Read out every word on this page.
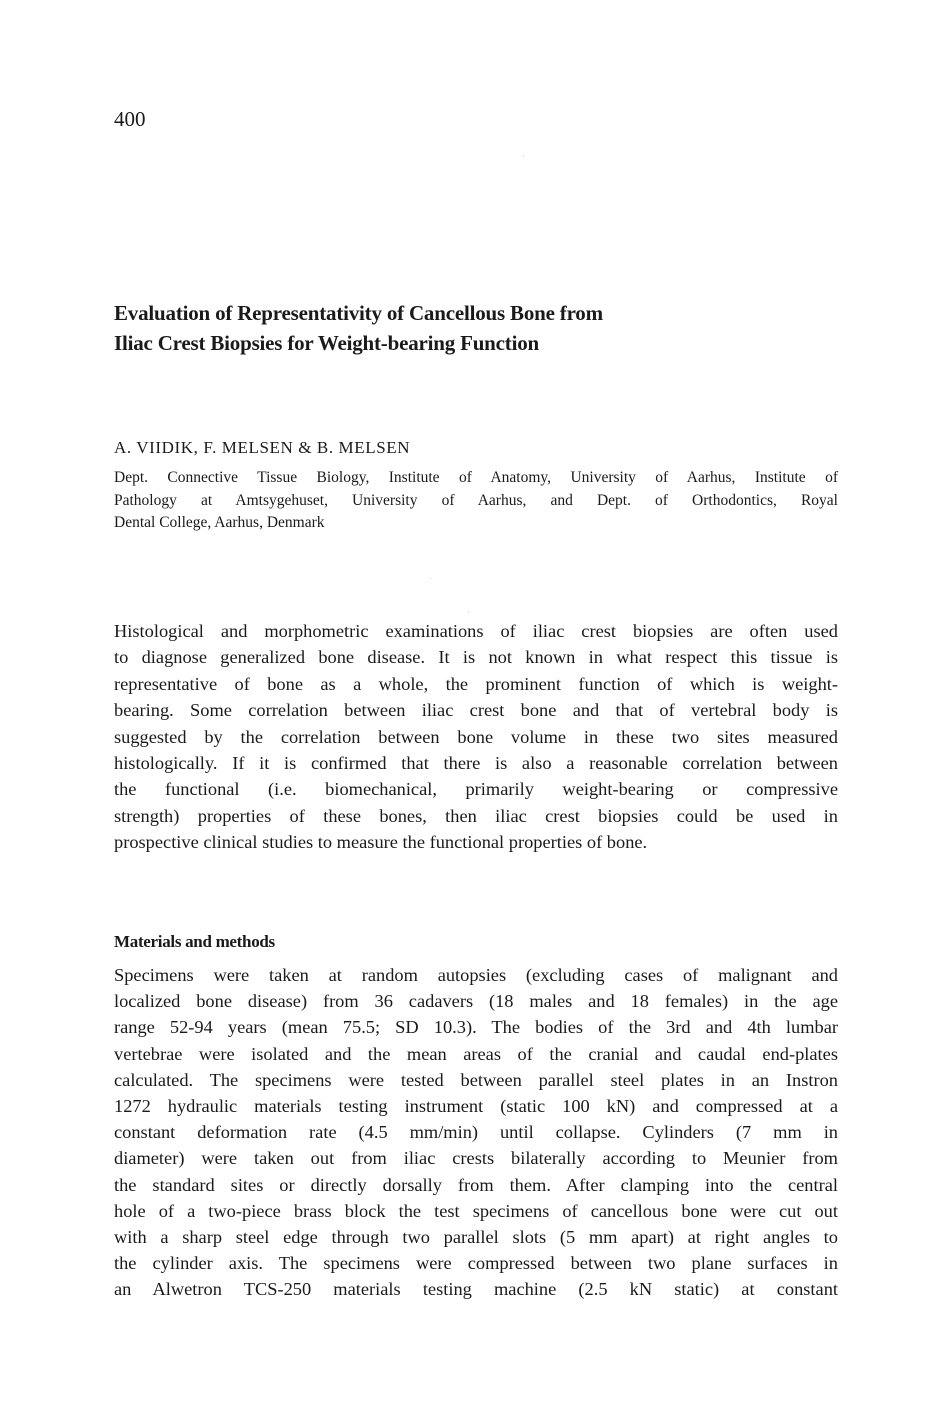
400
Evaluation of Representativity of Cancellous Bone from
Iliac Crest Biopsies for Weight-bearing Function
A. VIIDIK, F. MELSEN & B. MELSEN
Dept. Connective Tissue Biology, Institute of Anatomy, University of Aarhus, Institute of
Pathology at Amtsygehuset, University of Aarhus, and Dept. of Orthodontics, Royal
Dental College, Aarhus, Denmark
Histological and morphometric examinations of iliac crest biopsies are often used
to diagnose generalized bone disease. It is not known in what respect this tissue is
representative of bone as a whole, the prominent function of which is weight-
bearing. Some correlation between iliac crest bone and that of vertebral body is
suggested by the correlation between bone volume in these two sites measured
histologically. If it is confirmed that there is also a reasonable correlation between
the functional (i.e. biomechanical, primarily weight-bearing or compressive
strength) properties of these bones, then iliac crest biopsies could be used in
prospective clinical studies to measure the functional properties of bone.
Materials and methods
Specimens were taken at random autopsies (excluding cases of malignant and
localized bone disease) from 36 cadavers (18 males and 18 females) in the age
range 52-94 years (mean 75.5; SD 10.3). The bodies of the 3rd and 4th lumbar
vertebrae were isolated and the mean areas of the cranial and caudal end-plates
calculated. The specimens were tested between parallel steel plates in an Instron
1272 hydraulic materials testing instrument (static 100 kN) and compressed at a
constant deformation rate (4.5 mm/min) until collapse. Cylinders (7 mm in
diameter) were taken out from iliac crests bilaterally according to Meunier from
the standard sites or directly dorsally from them. After clamping into the central
hole of a two-piece brass block the test specimens of cancellous bone were cut out
with a sharp steel edge through two parallel slots (5 mm apart) at right angles to
the cylinder axis. The specimens were compressed between two plane surfaces in
an Alwetron TCS-250 materials testing machine (2.5 kN static) at constant
